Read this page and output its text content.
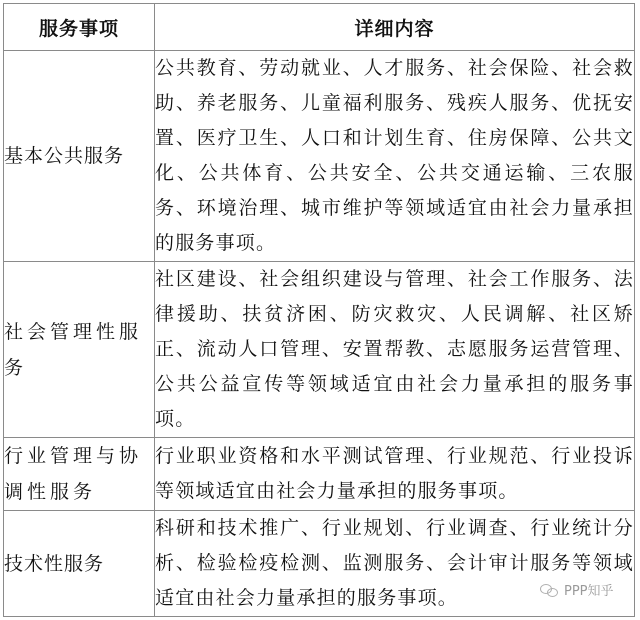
服务事项	详细内容
基本公共服务	公共教育、劳动就业、人才服务、社会保险、社会救助、养老服务、儿童福利服务、残疾人服务、优抚安置、医疗卫生、人口和计划生育、住房保障、公共文化、公共体育、公共安全、公共交通运输、三农服务、环境治理、城市维护等领域适宜由社会力量承担的服务事项。
社会管理性服务	社区建设、社会组织建设与管理、社会工作服务、法律援助、扶贫济困、防灾救灾、人民调解、社区矫正、流动人口管理、安置帮教、志愿服务运营管理、公共公益宣传等领域适宜由社会力量承担的服务事项。
行业管理与协调性服务	行业职业资格和水平测试管理、行业规范、行业投诉等领域适宜由社会力量承担的服务事项。
技术性服务	科研和技术推广、行业规划、行业调查、行业统计分析、检验检疫检测、监测服务、会计审计服务等领域适宜由社会力量承担的服务事项。	PPP知乎
